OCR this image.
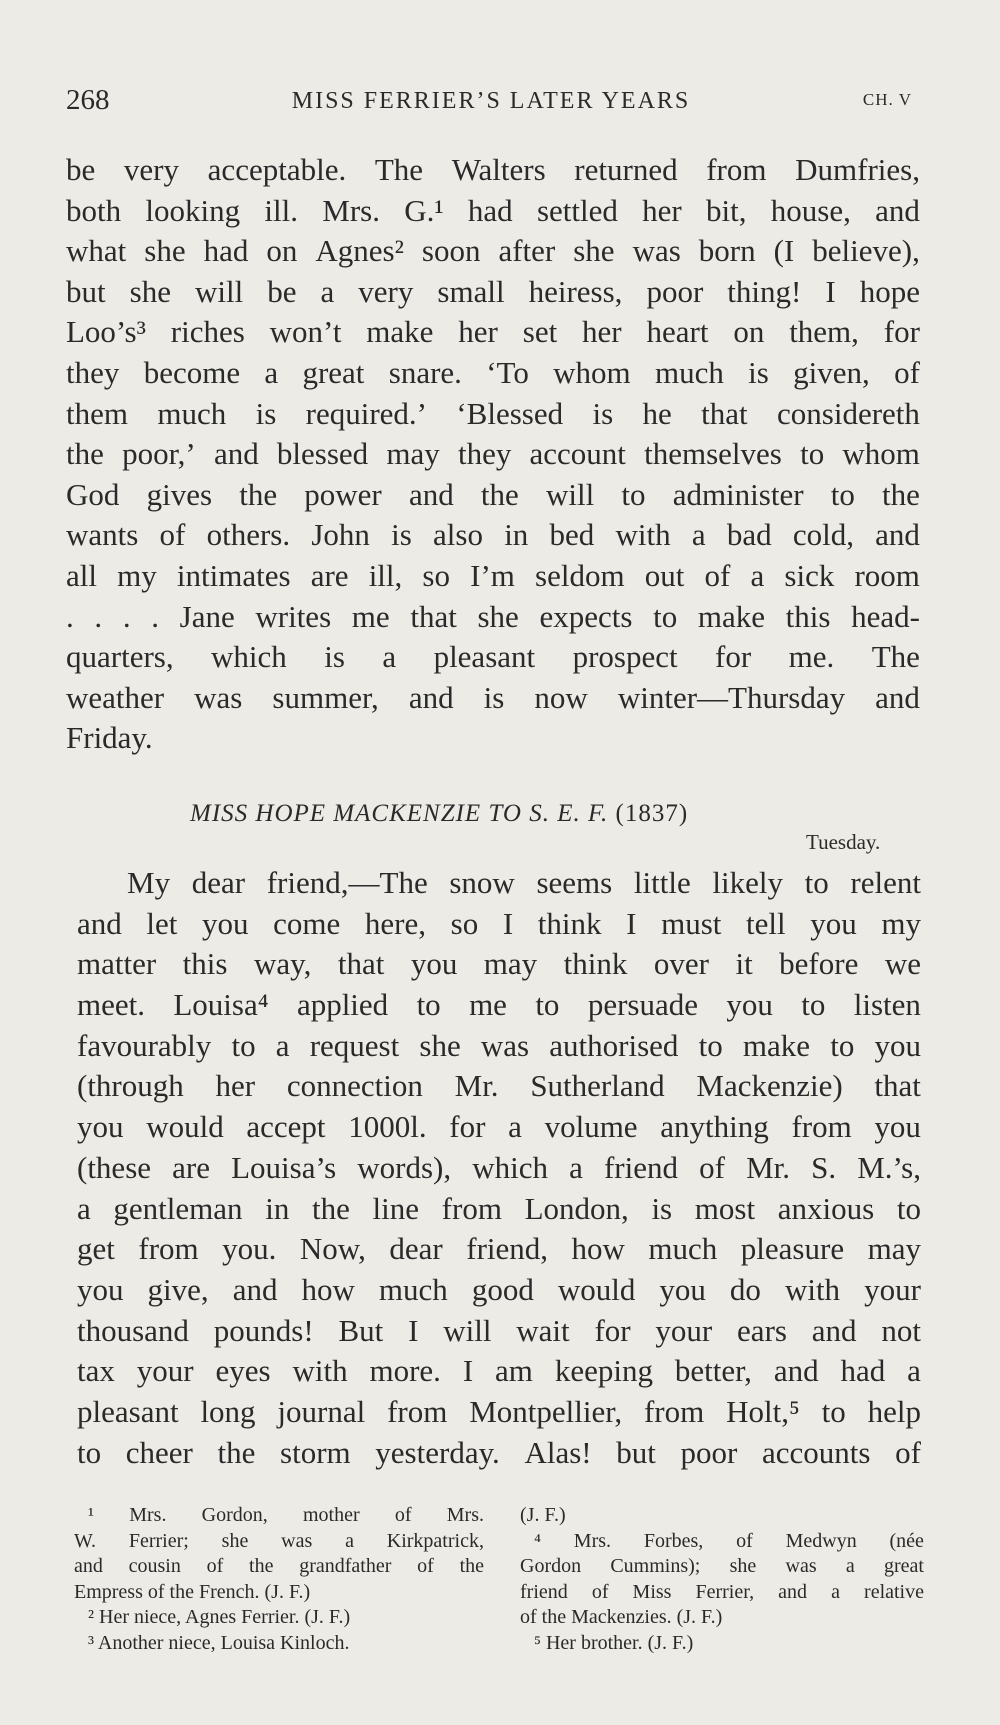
268	MISS FERRIER’S LATER YEARS	CH. V
be very acceptable. The Walters returned from Dumfries,
both looking ill. Mrs. G.¹ had settled her bit, house, and
what she had on Agnes² soon after she was born (I believe),
but she will be a very small heiress, poor thing! I hope
Loo’s³ riches won’t make her set her heart on them, for
they become a great snare. ‘To whom much is given, of
them much is required.’ ‘Blessed is he that considereth
the poor,’ and blessed may they account themselves to whom
God gives the power and the will to administer to the
wants of others. John is also in bed with a bad cold, and
all my intimates are ill, so I’m seldom out of a sick room
. . . . Jane writes me that she expects to make this head-
quarters, which is a pleasant prospect for me. The
weather was summer, and is now winter—Thursday and
Friday.
MISS HOPE MACKENZIE TO S. E. F. (1837)
Tuesday.
My dear friend,—The snow seems little likely to relent
and let you come here, so I think I must tell you my
matter this way, that you may think over it before we
meet. Louisa⁴ applied to me to persuade you to listen
favourably to a request she was authorised to make to you
(through her connection Mr. Sutherland Mackenzie) that
you would accept 1000l. for a volume anything from you
(these are Louisa’s words), which a friend of Mr. S. M.’s,
a gentleman in the line from London, is most anxious to
get from you. Now, dear friend, how much pleasure may
you give, and how much good would you do with your
thousand pounds! But I will wait for your ears and not
tax your eyes with more. I am keeping better, and had a
pleasant long journal from Montpellier, from Holt,⁵ to help
to cheer the storm yesterday. Alas! but poor accounts of
¹ Mrs. Gordon, mother of Mrs.
W. Ferrier; she was a Kirkpatrick,
and cousin of the grandfather of the
Empress of the French. (J. F.)
² Her niece, Agnes Ferrier. (J. F.)
³ Another niece, Louisa Kinloch.
(J. F.)
⁴ Mrs. Forbes, of Medwyn (née
Gordon Cummins); she was a great
friend of Miss Ferrier, and a relative
of the Mackenzies. (J. F.)
⁵ Her brother. (J. F.)
